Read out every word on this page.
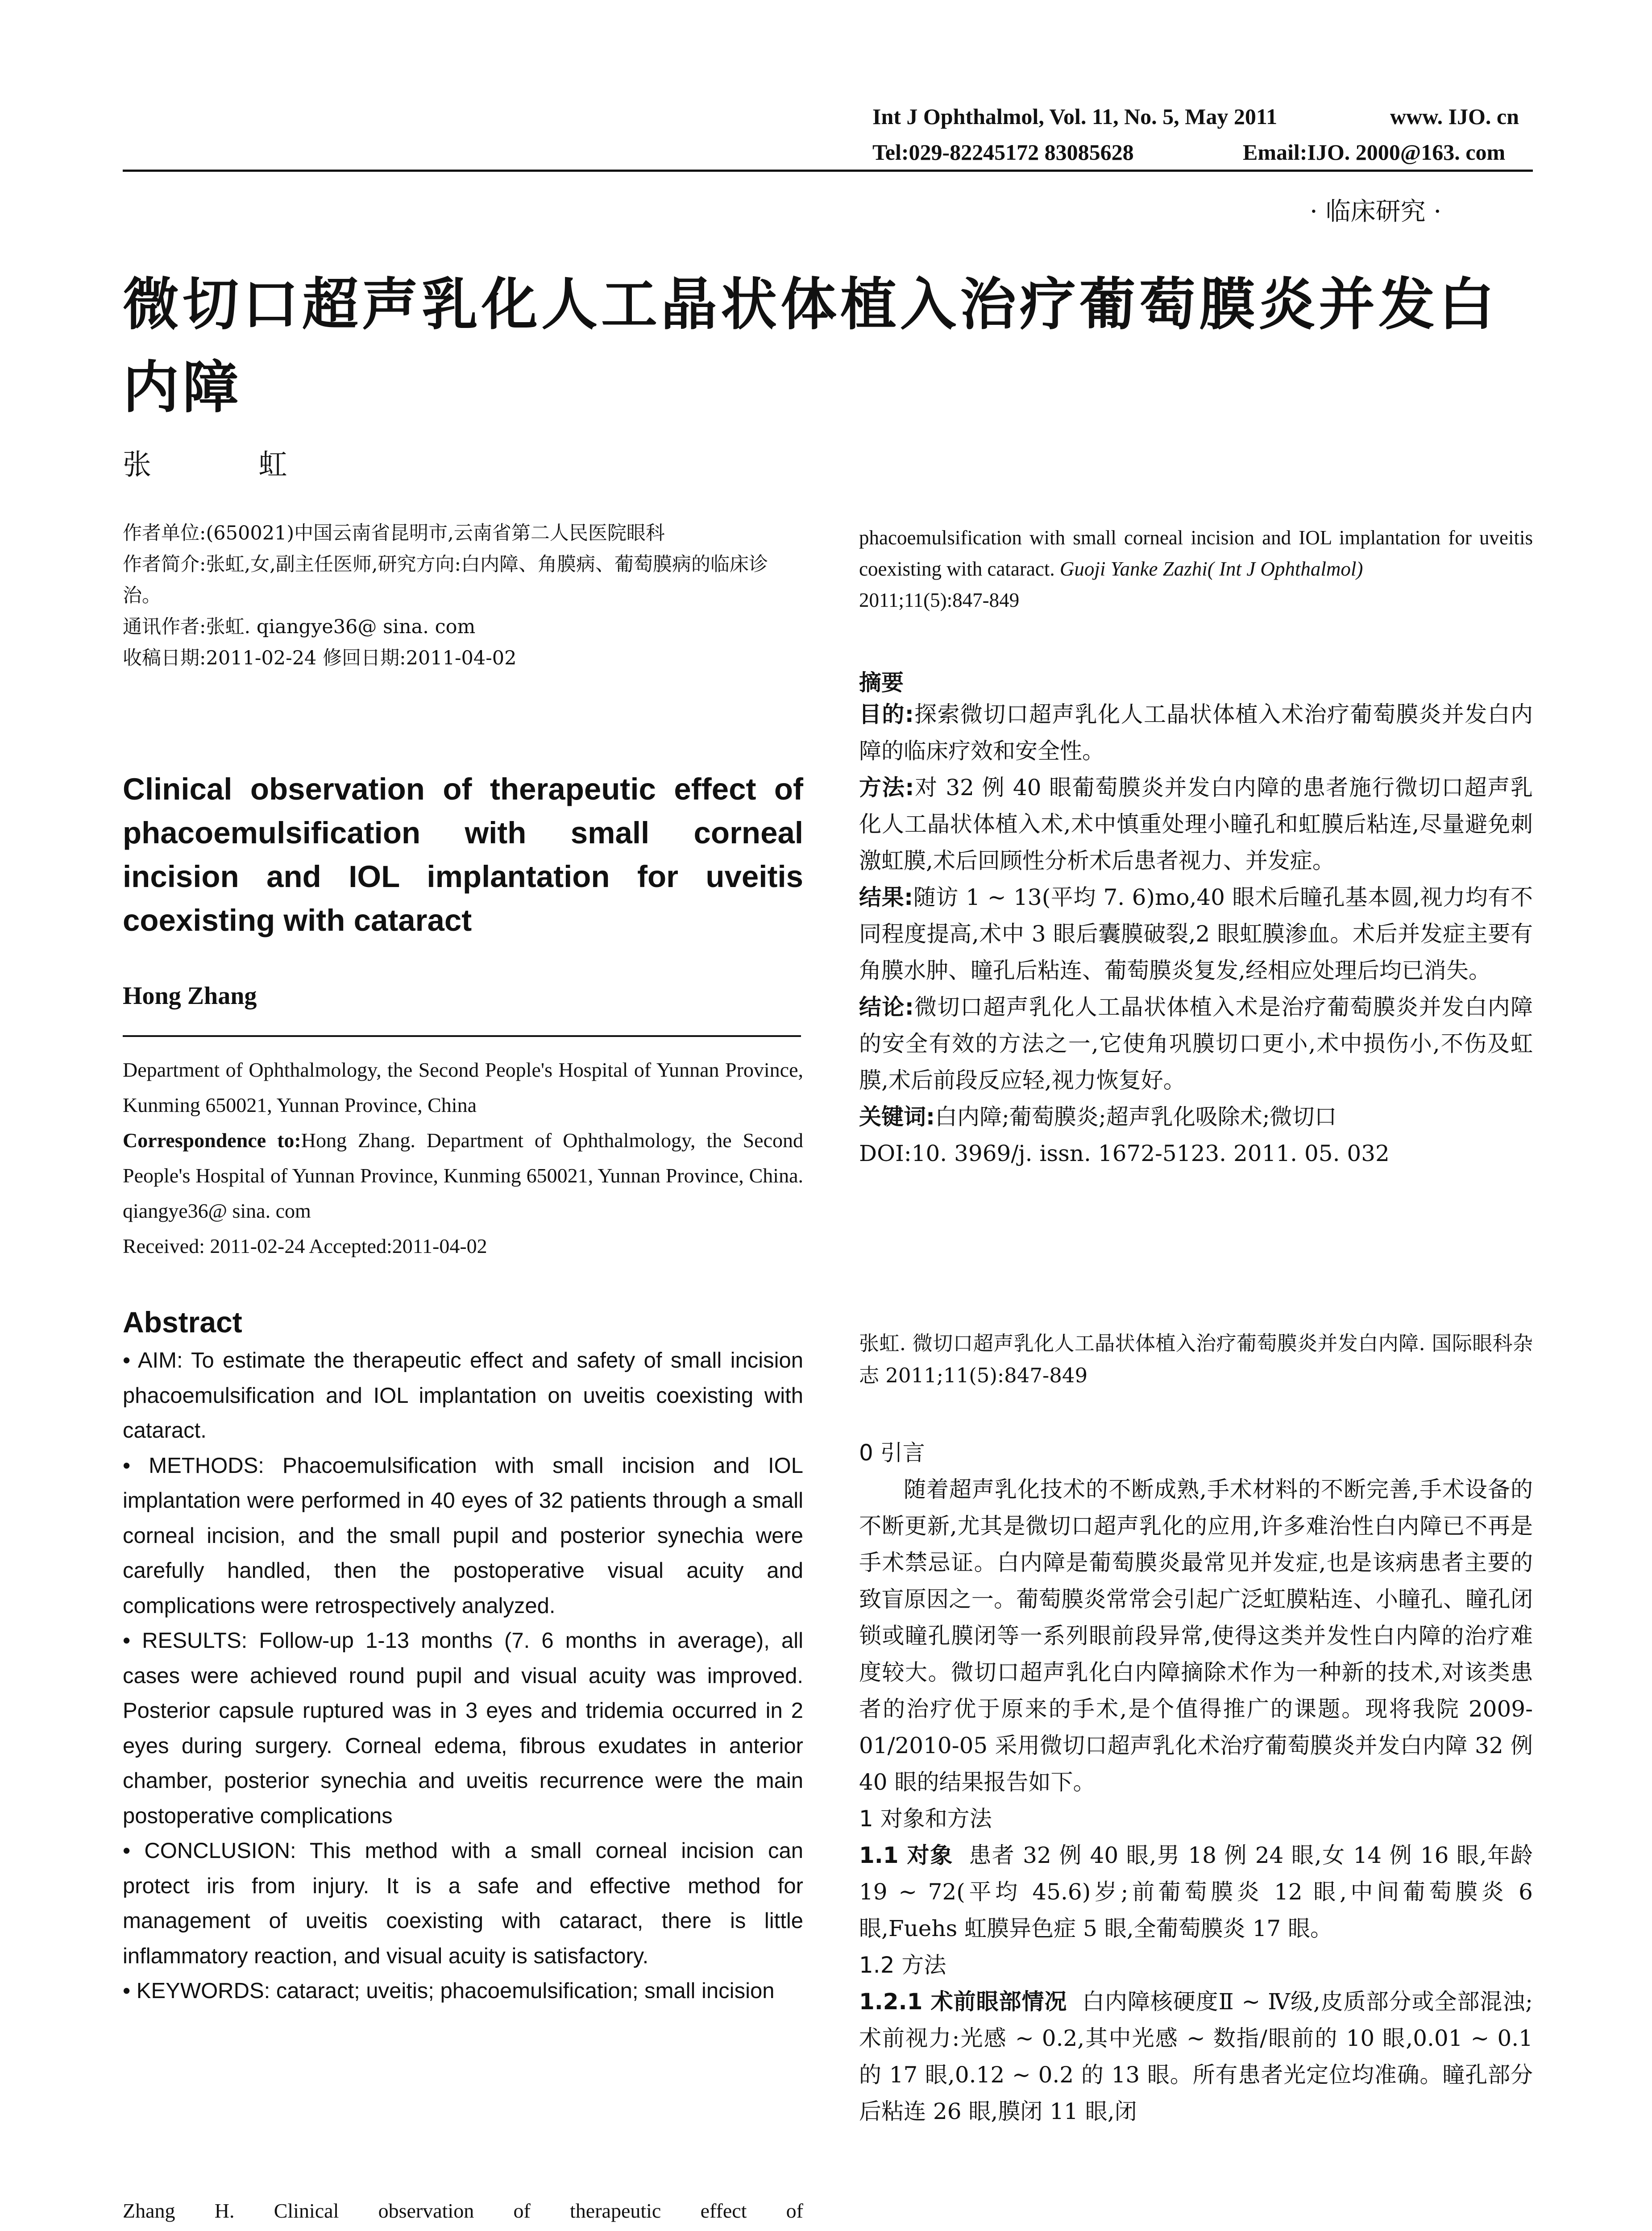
Int J Ophthalmol, Vol. 11, No. 5, May 2011	www. IJO. cn
Tel:029-82245172 83085628	Email:IJO. 2000@163. com
· 临床研究 ·
微切口超声乳化人工晶状体植入治疗葡萄膜炎并发白内障
张 虹
作者单位:(650021)中国云南省昆明市,云南省第二人民医院眼科
作者简介:张虹,女,副主任医师,研究方向:白内障、角膜病、葡萄膜病的临床诊治。
通讯作者:张虹. qiangye36@ sina. com
收稿日期:2011-02-24 修回日期:2011-04-02
Clinical observation of therapeutic effect of phacoemulsification with small corneal incision and IOL implantation for uveitis coexisting with cataract
Hong Zhang
Department of Ophthalmology, the Second People's Hospital of Yunnan Province, Kunming 650021, Yunnan Province, China
Correspondence to:Hong Zhang. Department of Ophthalmology, the Second People's Hospital of Yunnan Province, Kunming 650021, Yunnan Province, China. qiangye36@ sina. com
Received: 2011-02-24 Accepted:2011-04-02
Abstract

• AIM: To estimate the therapeutic effect and safety of small incision phacoemulsification and IOL implantation on uveitis coexisting with cataract.

• METHODS: Phacoemulsification with small incision and IOL implantation were performed in 40 eyes of 32 patients through a small corneal incision, and the small pupil and posterior synechia were carefully handled, then the postoperative visual acuity and complications were retrospectively analyzed.

• RESULTS: Follow-up 1-13 months (7. 6 months in average), all cases were achieved round pupil and visual acuity was improved. Posterior capsule ruptured was in 3 eyes and tridemia occurred in 2 eyes during surgery. Corneal edema, fibrous exudates in anterior chamber, posterior synechia and uveitis recurrence were the main postoperative complications

• CONCLUSION: This method with a small corneal incision can protect iris from injury. It is a safe and effective method for management of uveitis coexisting with cataract, there is little inflammatory reaction, and visual acuity is satisfactory.

• KEYWORDS: cataract; uveitis; phacoemulsification; small incision

Zhang H. Clinical observation of therapeutic effect of
phacoemulsification with small corneal incision and IOL implantation for uveitis coexisting with cataract. Guoji Yanke Zazhi( Int J Ophthalmol)
2011;11(5):847-849
摘要

目的:探索微切口超声乳化人工晶状体植入术治疗葡萄膜炎并发白内障的临床疗效和安全性。

方法:对 32 例 40 眼葡萄膜炎并发白内障的患者施行微切口超声乳化人工晶状体植入术,术中慎重处理小瞳孔和虹膜后粘连,尽量避免刺激虹膜,术后回顾性分析术后患者视力、并发症。

结果:随访 1 ~ 13(平均 7. 6)mo,40 眼术后瞳孔基本圆,视力均有不同程度提高,术中 3 眼后囊膜破裂,2 眼虹膜渗血。术后并发症主要有角膜水肿、瞳孔后粘连、葡萄膜炎复发,经相应处理后均已消失。

结论:微切口超声乳化人工晶状体植入术是治疗葡萄膜炎并发白内障的安全有效的方法之一,它使角巩膜切口更小,术中损伤小,不伤及虹膜,术后前段反应轻,视力恢复好。

关键词:白内障;葡萄膜炎;超声乳化吸除术;微切口

DOI:10. 3969/j. issn. 1672-5123. 2011. 05. 032

张虹. 微切口超声乳化人工晶状体植入治疗葡萄膜炎并发白内障. 国际眼科杂志 2011;11(5):847-849

0 引言

随着超声乳化技术的不断成熟,手术材料的不断完善,手术设备的不断更新,尤其是微切口超声乳化的应用,许多难治性白内障已不再是手术禁忌证。白内障是葡萄膜炎最常见并发症,也是该病患者主要的致盲原因之一。葡萄膜炎常常会引起广泛虹膜粘连、小瞳孔、瞳孔闭锁或瞳孔膜闭等一系列眼前段异常,使得这类并发性白内障的治疗难度较大。微切口超声乳化白内障摘除术作为一种新的技术,对该类患者的治疗优于原来的手术,是个值得推广的课题。现将我院 2009-01/2010-05 采用微切口超声乳化术治疗葡萄膜炎并发白内障 32 例 40 眼的结果报告如下。

1 对象和方法

1.1 对象 患者 32 例 40 眼,男 18 例 24 眼,女 14 例 16 眼,年龄 19 ~ 72(平均 45.6)岁;前葡萄膜炎 12 眼,中间葡萄膜炎 6 眼,Fuehs 虹膜异色症 5 眼,全葡萄膜炎 17 眼。

1.2 方法

1.2.1 术前眼部情况 白内障核硬度Ⅱ ~ Ⅳ级,皮质部分或全部混浊;术前视力:光感 ~ 0.2,其中光感 ~ 数指/眼前的 10 眼,0.01 ~ 0.1 的 17 眼,0.12 ~ 0.2 的 13 眼。所有患者光定位均准确。瞳孔部分后粘连 26 眼,膜闭 11 眼,闭
